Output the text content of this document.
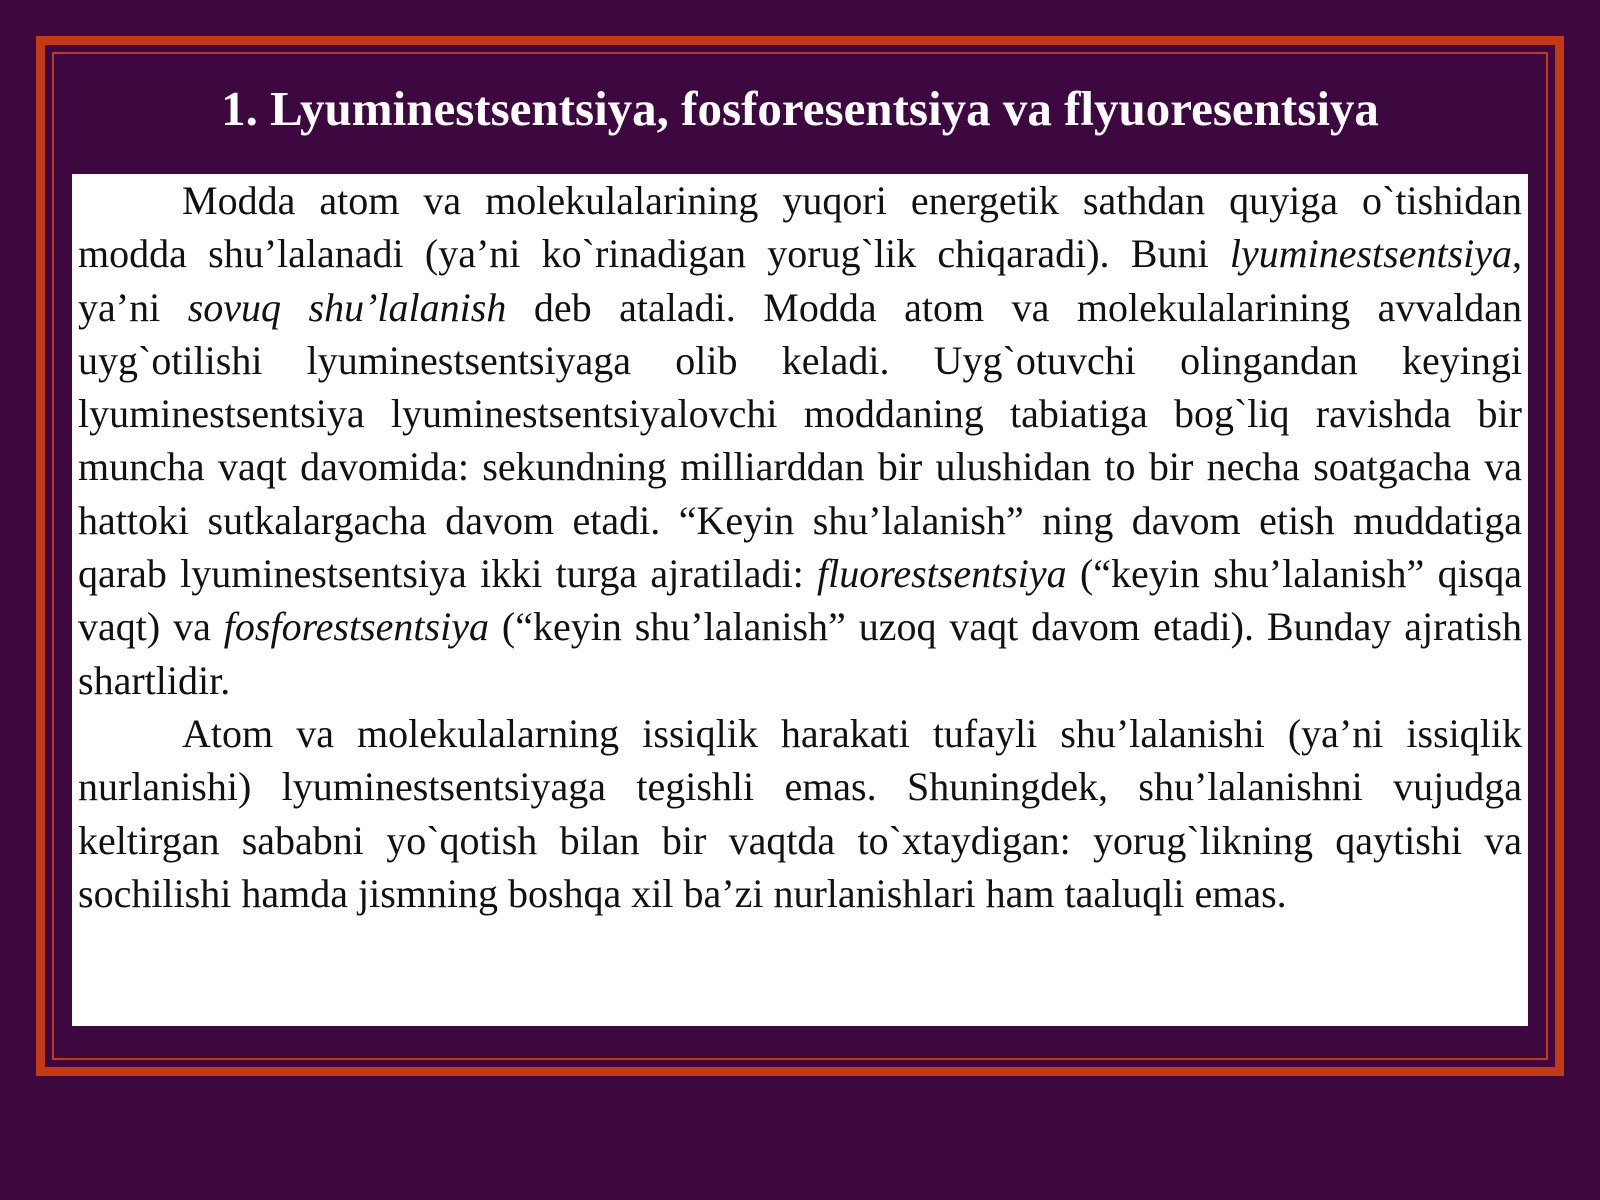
1. Lyuminestsentsiya, fosforesentsiya va flyuoresentsiya

Modda atom va molekulalarining yuqori energetik sathdan quyiga o`tishidan modda shu’lalanadi (ya’ni ko`rinadigan yorug`lik chiqaradi). Buni lyuminestsentsiya, ya’ni sovuq shu’lalanish deb ataladi. Modda atom va molekulalarining avvaldan uyg`otilishi lyuminestsentsiyaga olib keladi. Uyg`otuvchi olingandan keyingi lyuminestsentsiya lyuminestsentsiyalovchi moddaning tabiatiga bog`liq ravishda bir muncha vaqt davomida: sekundning milliarddan bir ulushidan to bir necha soatgacha va hattoki sutkalargacha davom etadi. “Keyin shu’lalanish” ning davom etish muddatiga qarab lyuminestsentsiya ikki turga ajratiladi: fluorestsentsiya (“keyin shu’lalanish” qisqa vaqt) va fosforestsentsiya (“keyin shu’lalanish” uzoq vaqt davom etadi). Bunday ajratish shartlidir.

Atom va molekulalarning issiqlik harakati tufayli shu’lalanishi (ya’ni issiqlik nurlanishi) lyuminestsentsiyaga tegishli emas. Shuningdek, shu’lalanishni vujudga keltirgan sababni yo`qotish bilan bir vaqtda to`xtaydigan: yorug`likning qaytishi va sochilishi hamda jismning boshqa xil ba’zi nurlanishlari ham taaluqli emas.
